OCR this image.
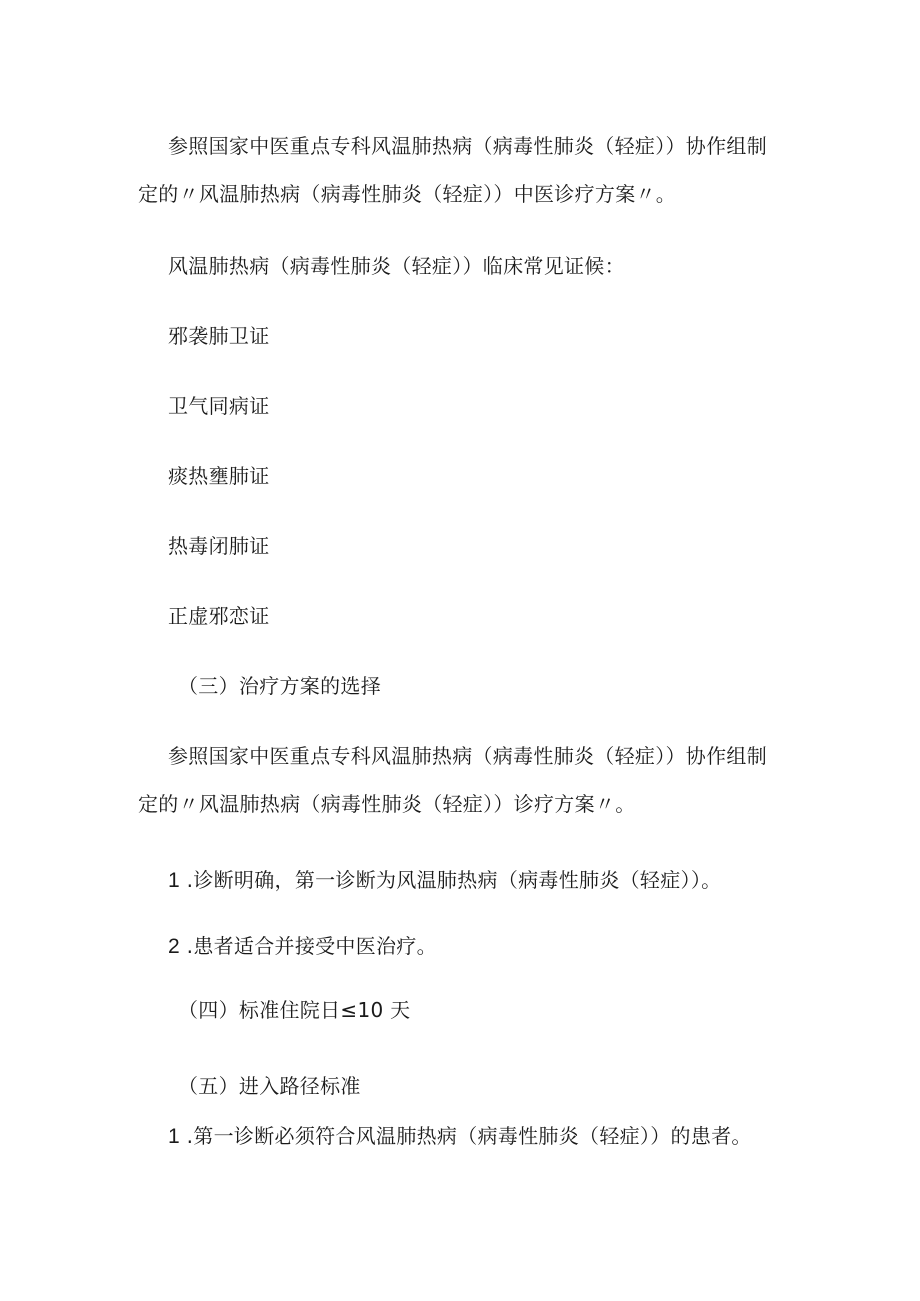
参照国家中医重点专科风温肺热病（病毒性肺炎（轻症））协作组制
定的〃风温肺热病（病毒性肺炎（轻症））中医诊疗方案〃。
风温肺热病（病毒性肺炎（轻症））临床常见证候：
邪袭肺卫证
卫气同病证
痰热壅肺证
热毒闭肺证
正虚邪恋证
（三）治疗方案的选择
参照国家中医重点专科风温肺热病（病毒性肺炎（轻症））协作组制
定的〃风温肺热病（病毒性肺炎（轻症））诊疗方案〃。
1 .诊断明确，第一诊断为风温肺热病（病毒性肺炎（轻症））。
2 .患者适合并接受中医治疗。
（四）标准住院日≤10 天
（五）进入路径标准
1 .第一诊断必须符合风温肺热病（病毒性肺炎（轻症））的患者。
